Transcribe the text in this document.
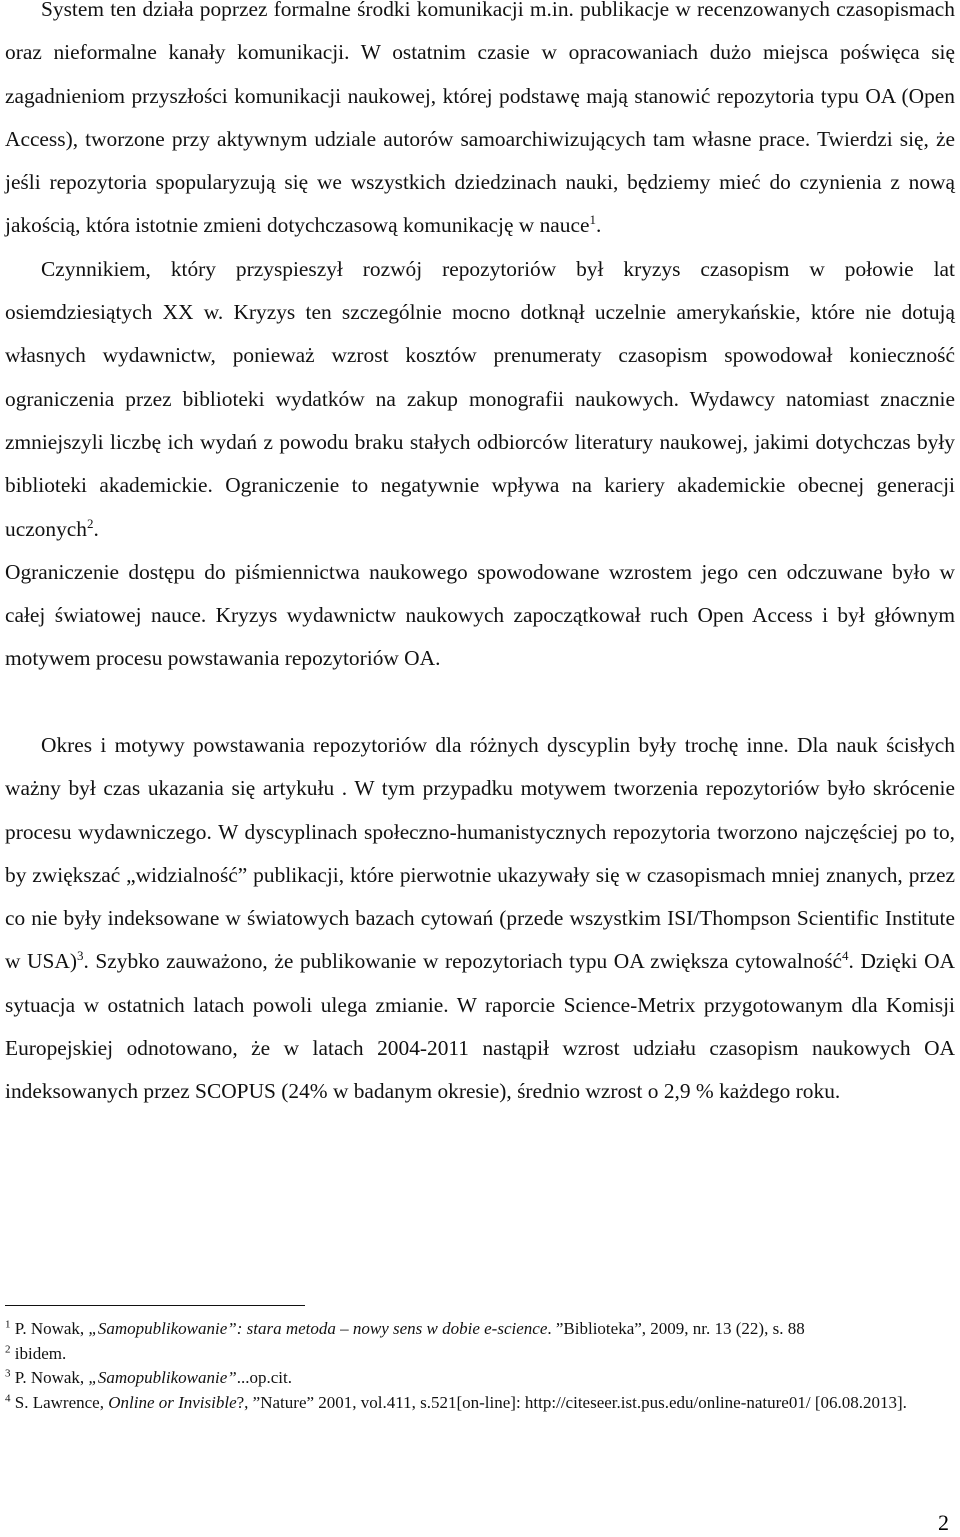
System ten działa poprzez formalne środki komunikacji m.in. publikacje w recenzowanych czasopismach oraz nieformalne kanały komunikacji. W ostatnim czasie w opracowaniach dużo miejsca poświęca się zagadnieniom przyszłości komunikacji naukowej, której podstawę mają stanowić repozytoria typu OA (Open Access), tworzone przy aktywnym udziale autorów samoarchiwizujących tam własne prace. Twierdzi się, że jeśli repozytoria spopularyzują się we wszystkich dziedzinach nauki, będziemy mieć do czynienia z nową jakością, która istotnie zmieni dotychczasową komunikację w nauce$^1$.
Czynnikiem, który przyspieszył rozwój repozytoriów był kryzys czasopism w połowie lat osiemdziesiątych XX w. Kryzys ten szczególnie mocno dotknął uczelnie amerykańskie, które nie dotują własnych wydawnictw, ponieważ wzrost kosztów prenumeraty czasopism spowodował konieczność ograniczenia przez biblioteki wydatków na zakup monografii naukowych. Wydawcy natomiast znacznie zmniejszyli liczbę ich wydań z powodu braku stałych odbiorców literatury naukowej, jakimi dotychczas były biblioteki akademickie. Ograniczenie to negatywnie wpływa na kariery akademickie obecnej generacji uczonych$^2$.
Ograniczenie dostępu do piśmiennictwa naukowego spowodowane wzrostem jego cen odczuwane było w całej światowej nauce. Kryzys wydawnictw naukowych zapoczątkował ruch Open Access i był głównym motywem procesu powstawania repozytoriów OA.

Okres i motywy powstawania repozytoriów dla różnych dyscyplin były trochę inne. Dla nauk ścisłych ważny był czas ukazania się artykułu . W tym przypadku motywem tworzenia repozytoriów było skrócenie procesu wydawniczego. W dyscyplinach społeczno-humanistycznych repozytoria tworzono najczęściej po to, by zwiększać „widzialność” publikacji, które pierwotnie ukazywały się w czasopismach mniej znanych, przez co nie były indeksowane w światowych bazach cytowań (przede wszystkim ISI/Thompson Scientific Institute w USA)$^3$. Szybko zauważono, że publikowanie w repozytoriach typu OA zwiększa cytowalność$^4$. Dzięki OA sytuacja w ostatnich latach powoli ulega zmianie. W raporcie Science-Metrix przygotowanym dla Komisji Europejskiej odnotowano, że w latach 2004-2011 nastąpił wzrost udziału czasopism naukowych OA indeksowanych przez SCOPUS (24% w badanym okresie), średnio wzrost o 2,9 % każdego roku.

$^1$ P. Nowak, „Samopublikowanie”: stara metoda – nowy sens w dobie e-science. ”Biblioteka”, 2009, nr. 13 (22), s. 88

$^2$ ibidem.

$^3$ P. Nowak, „Samopublikowanie”...op.cit.

$^4$ S. Lawrence, Online or Invisible?, ”Nature” 2001, vol.411, s.521[on-line]: http://citeseer.ist.pus.edu/online-nature01/ [06.08.2013].

2
